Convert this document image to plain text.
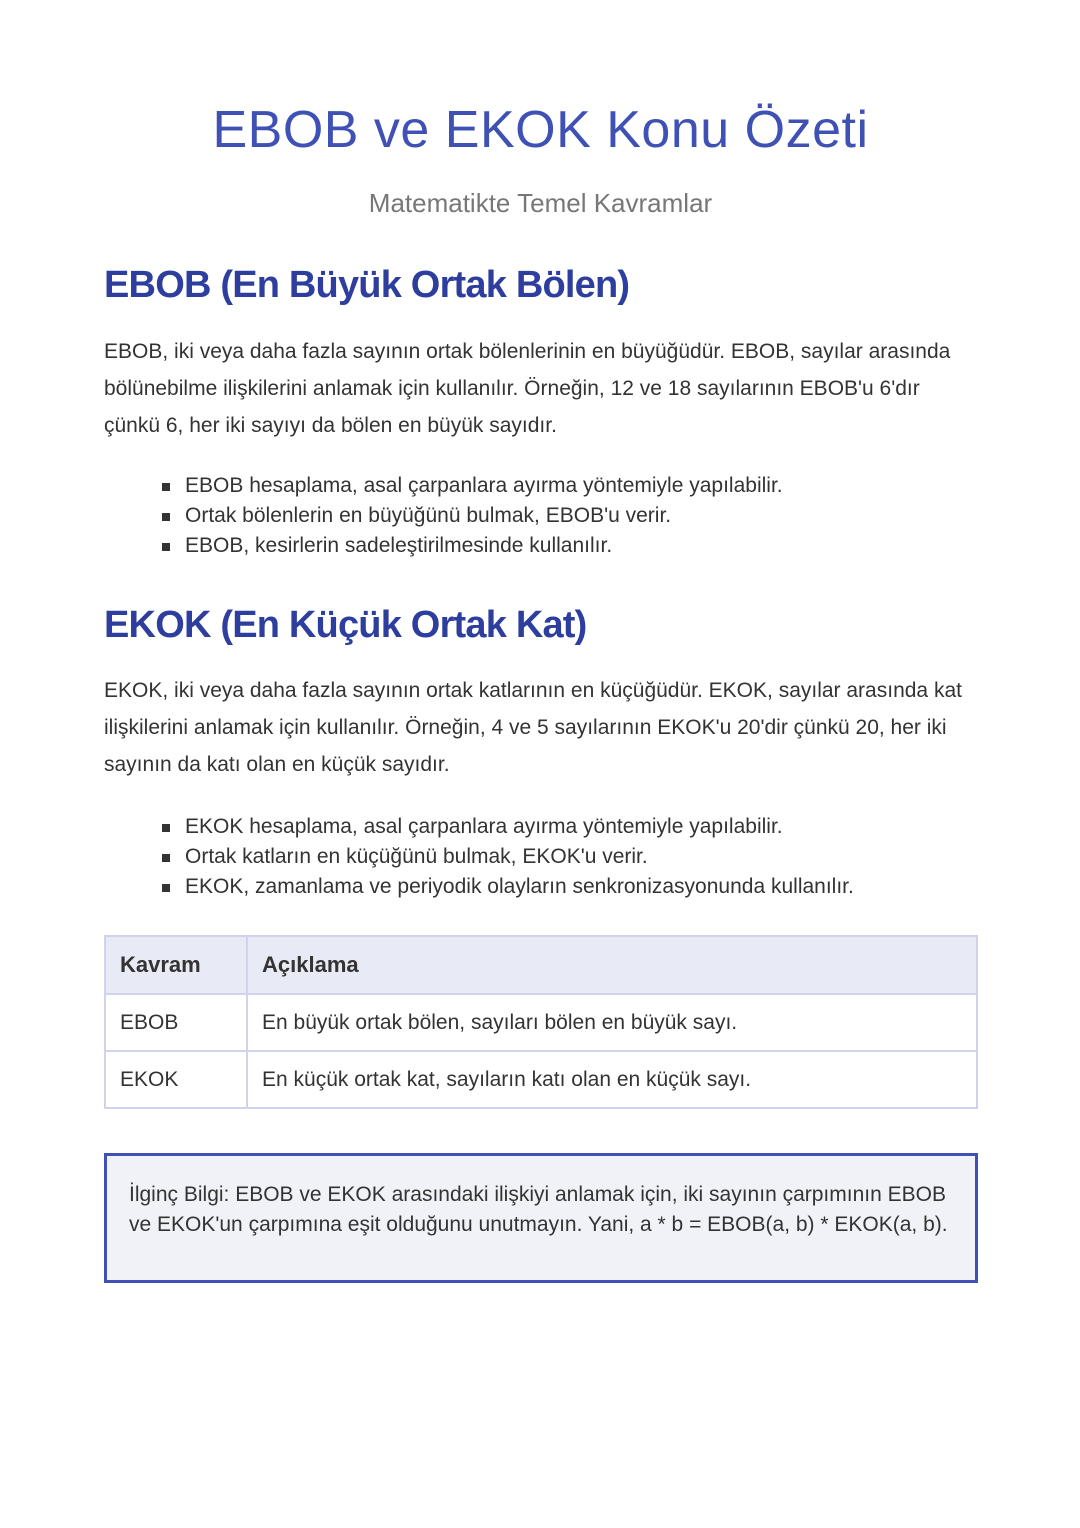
EBOB ve EKOK Konu Özeti
Matematikte Temel Kavramlar
EBOB (En Büyük Ortak Bölen)

EBOB, iki veya daha fazla sayının ortak bölenlerinin en büyüğüdür. EBOB, sayılar arasında bölünebilme ilişkilerini anlamak için kullanılır. Örneğin, 12 ve 18 sayılarının EBOB'u 6'dır çünkü 6, her iki sayıyı da bölen en büyük sayıdır.

EBOB hesaplama, asal çarpanlara ayırma yöntemiyle yapılabilir.
Ortak bölenlerin en büyüğünü bulmak, EBOB'u verir.
EBOB, kesirlerin sadeleştirilmesinde kullanılır.
EKOK (En Küçük Ortak Kat)

EKOK, iki veya daha fazla sayının ortak katlarının en küçüğüdür. EKOK, sayılar arasında kat ilişkilerini anlamak için kullanılır. Örneğin, 4 ve 5 sayılarının EKOK'u 20'dir çünkü 20, her iki sayının da katı olan en küçük sayıdır.

EKOK hesaplama, asal çarpanlara ayırma yöntemiyle yapılabilir.
Ortak katların en küçüğünü bulmak, EKOK'u verir.
EKOK, zamanlama ve periyodik olayların senkronizasyonunda kullanılır.
Kavram	Açıklama
EBOB	En büyük ortak bölen, sayıları bölen en büyük sayı.
EKOK	En küçük ortak kat, sayıların katı olan en küçük sayı.
İlginç Bilgi: EBOB ve EKOK arasındaki ilişkiyi anlamak için, iki sayının çarpımının EBOB ve EKOK'un çarpımına eşit olduğunu unutmayın. Yani, a * b = EBOB(a, b) * EKOK(a, b).
